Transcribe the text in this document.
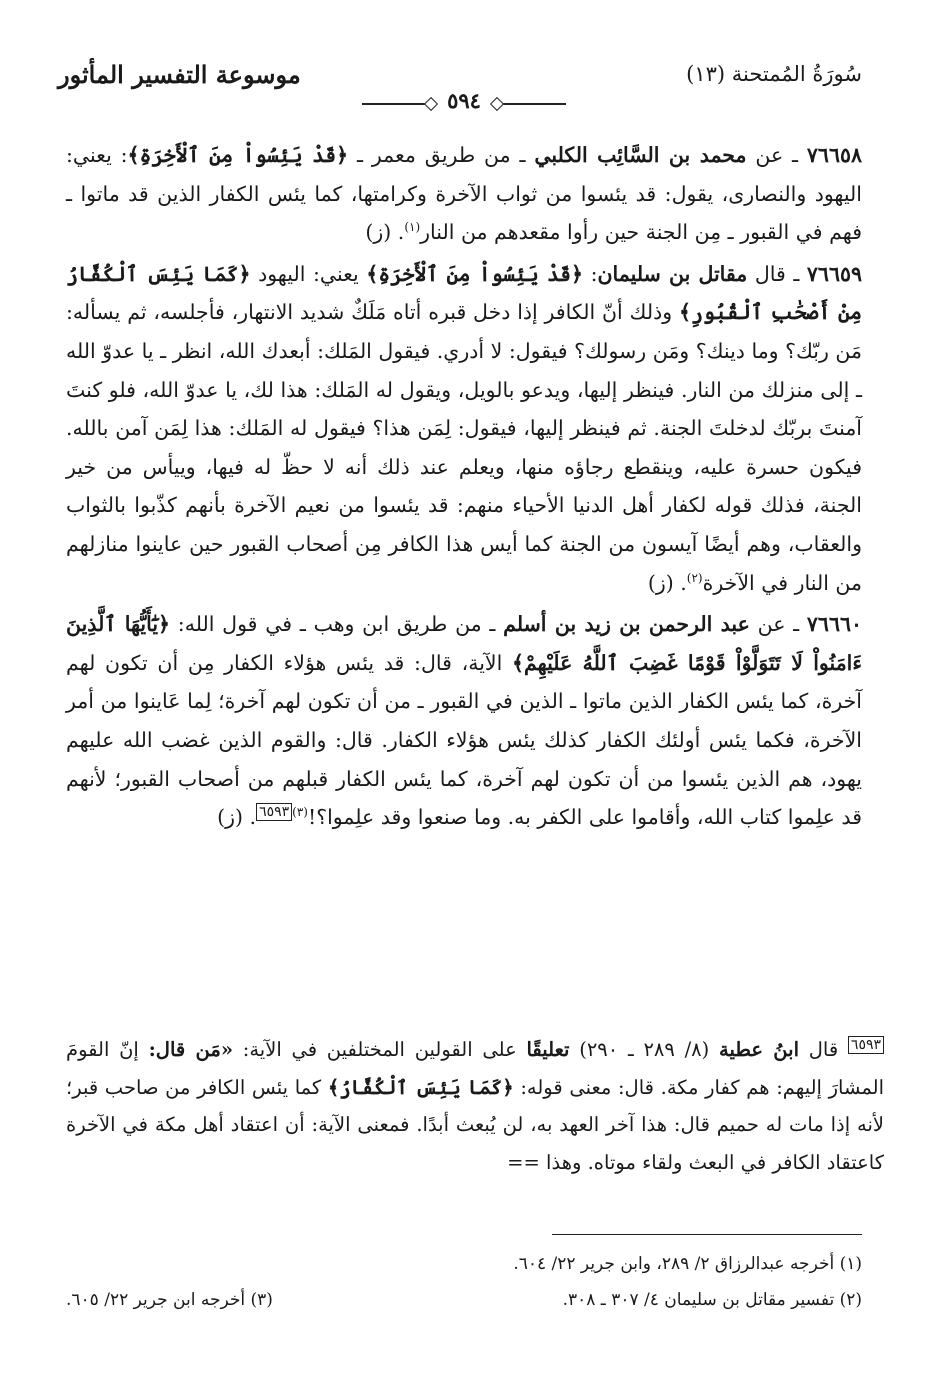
سُورَةُ المُمتحنة (١٣)
موسوعة التفسير المأثور
٥٩٤

٧٦٦٥٨ ـ عن محمد بن السَّائِب الكلبي ـ من طريق معمر ـ ﴿قَدْ يَئِسُواْ مِنَ ٱلْأَخِرَةِ﴾: يعني: اليهود والنصارى، يقول: قد يئسوا من ثواب الآخرة وكرامتها، كما يئس الكفار الذين قد ماتوا ـ فهم في القبور ـ مِن الجنة حين رأوا مقعدهم من النار$^{(١)}$. (ز)

٧٦٦٥٩ ـ قال مقاتل بن سليمان: ﴿قَدْ يَئِسُواْ مِنَ ٱلْأَخِرَةِ﴾ يعني: اليهود ﴿كَمَا يَئِسَ ٱلْكُفَّارُ مِنْ أَصْحَٰبِ ٱلْقُبُورِ﴾ وذلك أنّ الكافر إذا دخل قبره أتاه مَلَكٌ شديد الانتهار، فأجلسه، ثم يسأله: مَن ربّك؟ وما دينك؟ ومَن رسولك؟ فيقول: لا أدري. فيقول المَلك: أبعدك الله، انظر ـ يا عدوّ الله ـ إلى منزلك من النار. فينظر إليها، ويدعو بالويل، ويقول له المَلك: هذا لك، يا عدوّ الله، فلو كنتَ آمنتَ بربّك لدخلتَ الجنة. ثم فينظر إليها، فيقول: لِمَن هذا؟ فيقول له المَلك: هذا لِمَن آمن بالله. فيكون حسرة عليه، وينقطع رجاؤه منها، ويعلم عند ذلك أنه لا حظّ له فيها، وييأس من خير الجنة، فذلك قوله لكفار أهل الدنيا الأحياء منهم: قد يئسوا من نعيم الآخرة بأنهم كذّبوا بالثواب والعقاب، وهم أيضًا آيسون من الجنة كما أيس هذا الكافر مِن أصحاب القبور حين عاينوا منازلهم من النار في الآخرة$^{(٢)}$. (ز)

٧٦٦٦٠ ـ عن عبد الرحمن بن زيد بن أسلم ـ من طريق ابن وهب ـ في قول الله: ﴿يَٰٓأَيُّهَا ٱلَّذِينَ ءَامَنُواْ لَا تَتَوَلَّوْاْ قَوْمًا غَضِبَ ٱللَّهُ عَلَيْهِمْ﴾ الآية، قال: قد يئس هؤلاء الكفار مِن أن تكون لهم آخرة، كما يئس الكفار الذين ماتوا ـ الذين في القبور ـ من أن تكون لهم آخرة؛ لِما عَاينوا من أمر الآخرة، فكما يئس أولئك الكفار كذلك يئس هؤلاء الكفار. قال: والقوم الذين غضب الله عليهم يهود، هم الذين يئسوا من أن تكون لهم آخرة، كما يئس الكفار قبلهم من أصحاب القبور؛ لأنهم قد علِموا كتاب الله، وأقاموا على الكفر به. وما صنعوا وقد علِموا؟!$^{(٣)٦٥٩٣}$. (ز)

$^{٦٥٩٣}$ قال ابنُ عطية (٨/ ٢٨٩ ـ ٢٩٠) تعليقًا على القولين المختلفين في الآية: «مَن قال: إنّ القومَ المشارَ إليهم: هم كفار مكة. قال: معنى قوله: ﴿كَمَا يَئِسَ ٱلْكُفَّارُ﴾ كما يئس الكافر من صاحب قبر؛ لأنه إذا مات له حميم قال: هذا آخر العهد به، لن يُبعث أبدًا. فمعنى الآية: أن اعتقاد أهل مكة في الآخرة كاعتقاد الكافر في البعث ولقاء موتاه. وهذا ==

(١) أخرجه عبدالرزاق ٢/ ٢٨٩، وابن جرير ٢٢/ ٦٠٤.

(٢) تفسير مقاتل بن سليمان ٤/ ٣٠٧ ـ ٣٠٨.
(٣) أخرجه ابن جرير ٢٢/ ٦٠٥.
